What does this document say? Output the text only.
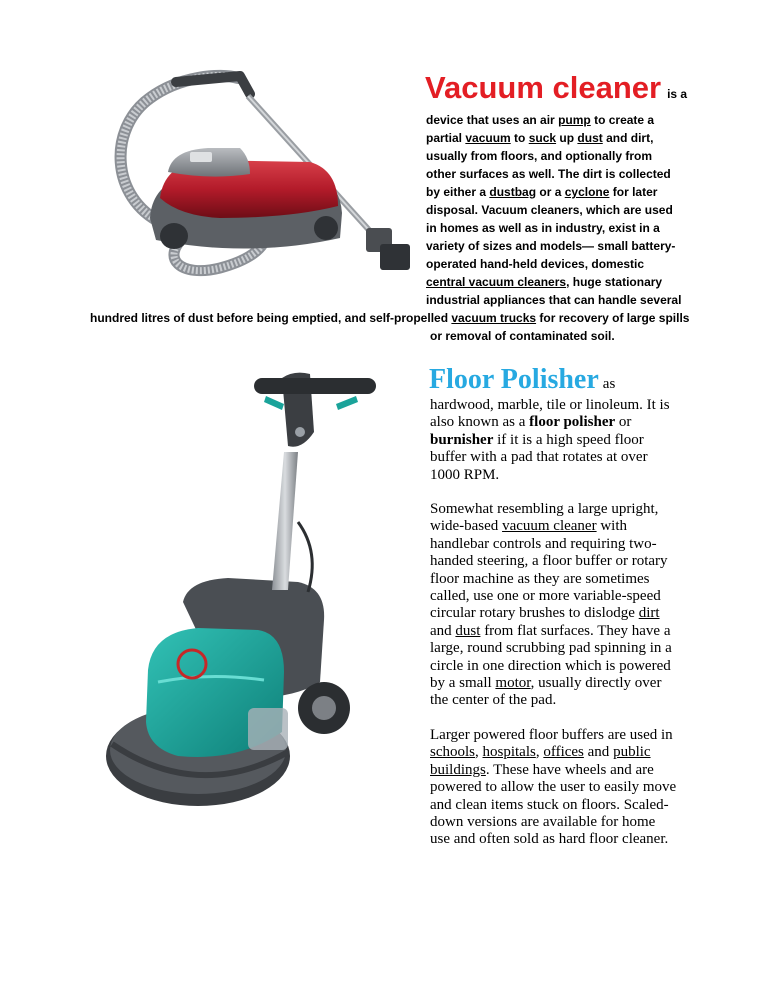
Vacuum cleaner is a
device that uses an air pump to create a
partial vacuum to suck up dust and dirt,
usually from floors, and optionally from
other surfaces as well. The dirt is collected
by either a dustbag or a cyclone for later
disposal. Vacuum cleaners, which are used
in homes as well as in industry, exist in a
variety of sizes and models— small battery-
operated hand-held devices, domestic
central vacuum cleaners, huge stationary
industrial appliances that can handle several
hundred litres of dust before being emptied, and self-propelled vacuum trucks for recovery of large spills
or removal of contaminated soil.
Floor Polisher as
hardwood, marble, tile or linoleum. It is
also known as a floor polisher or
burnisher if it is a high speed floor
buffer with a pad that rotates at over
1000 RPM.
Somewhat resembling a large upright,
wide-based vacuum cleaner with
handlebar controls and requiring two-
handed steering, a floor buffer or rotary
floor machine as they are sometimes
called, use one or more variable-speed
circular rotary brushes to dislodge dirt
and dust from flat surfaces. They have a
large, round scrubbing pad spinning in a
circle in one direction which is powered
by a small motor, usually directly over
the center of the pad.
Larger powered floor buffers are used in
schools, hospitals, offices and public
buildings. These have wheels and are
powered to allow the user to easily move
and clean items stuck on floors. Scaled-
down versions are available for home
use and often sold as hard floor cleaner.
